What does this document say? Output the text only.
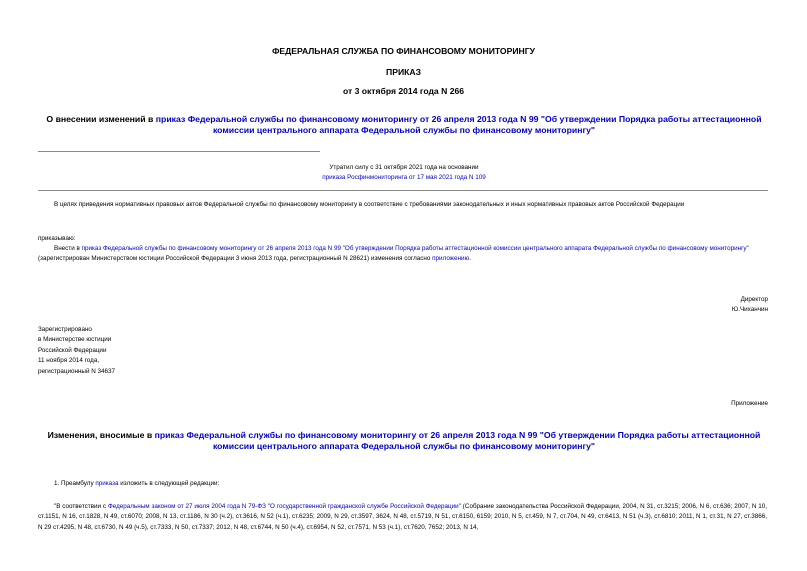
ФЕДЕРАЛЬНАЯ СЛУЖБА ПО ФИНАНСОВОМУ МОНИТОРИНГУ
ПРИКАЗ
от 3 октября 2014 года N 266
О внесении изменений в приказ Федеральной службы по финансовому мониторингу от 26 апреля 2013 года N 99 "Об утверждении Порядка работы аттестационной комиссии центрального аппарата Федеральной службы по финансовому мониторингу"
Утратил силу с 31 октября 2021 года на основании
приказа Росфинмониторинга от 17 мая 2021 года N 109
В целях приведения нормативных правовых актов Федеральной службы по финансовому мониторингу в соответствие с требованиями законодательных и иных нормативных правовых актов Российской Федерации
приказываю:
Внести в приказ Федеральной службы по финансовому мониторингу от 26 апреля 2013 года N 99 "Об утверждении Порядка работы аттестационной комиссии центрального аппарата Федеральной службы по финансовому мониторингу" (зарегистрирован Министерством юстиции Российской Федерации 3 июня 2013 года, регистрационный N 28621) изменения согласно приложению.
Директор
Ю.Чиханчин
Зарегистрировано
в Министерстве юстиции
Российской Федерации
11 ноября 2014 года,
регистрационный N 34637
Приложение
Изменения, вносимые в приказ Федеральной службы по финансовому мониторингу от 26 апреля 2013 года N 99 "Об утверждении Порядка работы аттестационной комиссии центрального аппарата Федеральной службы по финансовому мониторингу"
1. Преамбулу приказа изложить в следующей редакции:
"В соответствии с Федеральным законом от 27 июля 2004 года N 79-ФЗ "О государственной гражданской службе Российской Федерации" (Собрание законодательства Российской Федерации, 2004, N 31, ст.3215; 2006, N 6, ст.636; 2007, N 10, ст.1151, N 16, ст.1828, N 49, ст.6070; 2008, N 13, ст.1186, N 30 (ч.2), ст.3616, N 52 (ч.1), ст.6235; 2009, N 29, ст.3597, 3624, N 48, ст.5719, N 51, ст.6150, 6159; 2010, N 5, ст.459, N 7, ст.704, N 49, ст.6413, N 51 (ч.3), ст.6810; 2011, N 1, ст.31, N 27, ст.3866, N 29 ст.4295, N 48, ст.6730, N 49 (ч.5), ст.7333, N 50, ст.7337; 2012, N 48, ст.6744, N 50 (ч.4), ст.6954, N 52, ст.7571, N 53 (ч.1), ст.7620, 7652; 2013, N 14,
